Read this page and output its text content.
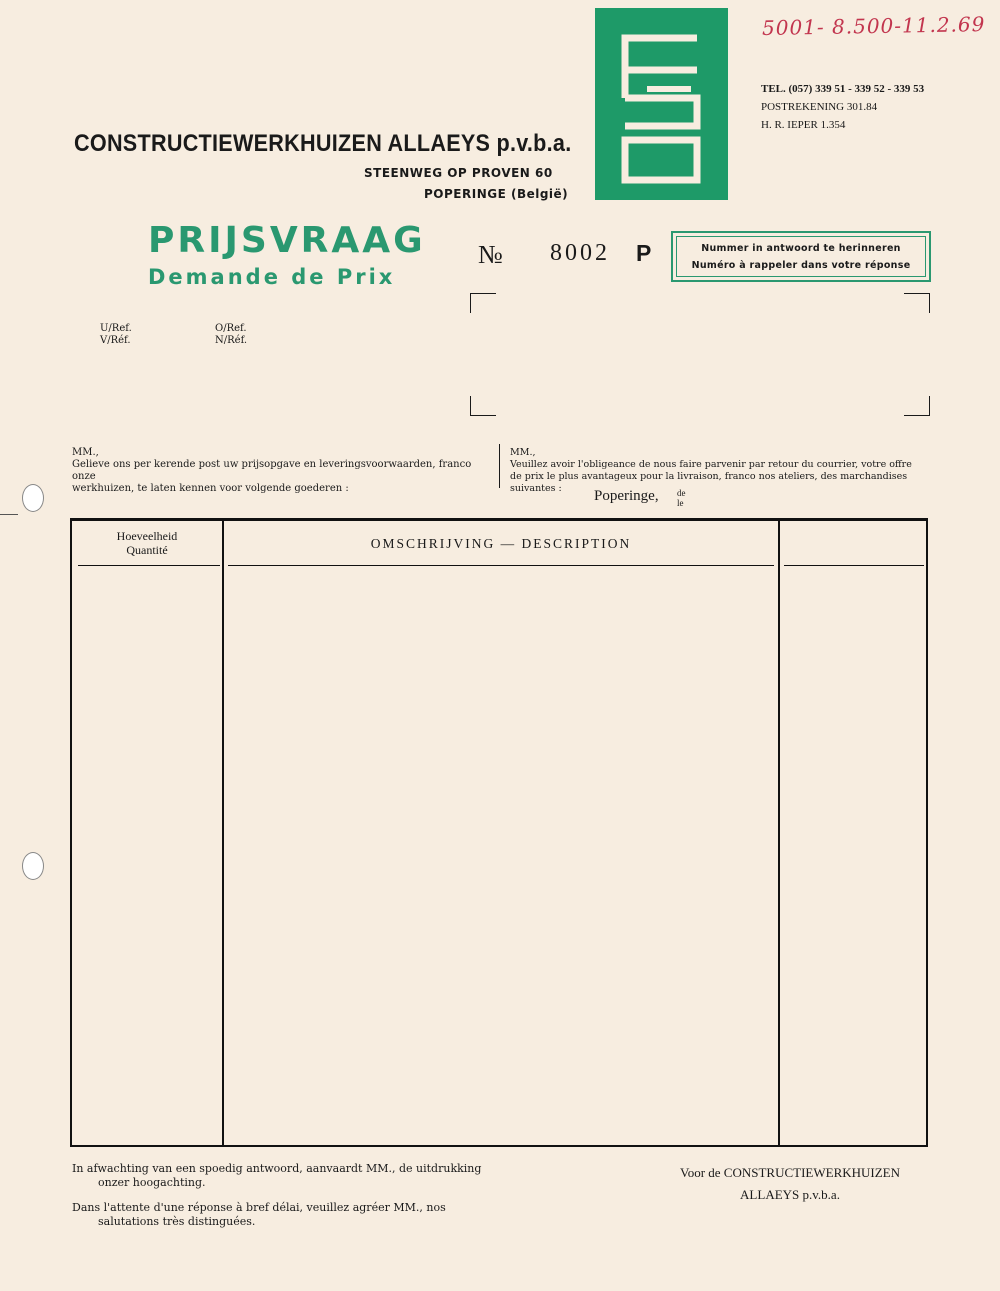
5001- 8.500-11.2.69
CONSTRUCTIEWERKHUIZEN ALLAEYS p.v.b.a.
STEENWEG OP PROVEN 60
POPERINGE (België)
TEL. (057) 339 51 - 339 52 - 339 53
POSTREKENING 301.84
H. R. IEPER 1.354
PRIJSVRAAG
Demande de Prix
№ 8002 P	Nummer in antwoord te herinneren
Numéro à rappeler dans votre réponse
U/Ref.
V/Réf.
O/Ref.
N/Réf.
MM.,
Gelieve ons per kerende post uw prijsopgave en leveringsvoorwaarden, franco onze
werkhuizen, te laten kennen voor volgende goederen :
MM.,
Veuillez avoir l'obligeance de nous faire parvenir par retour du courrier, votre offre
de prix le plus avantageux pour la livraison, franco nos ateliers, des marchandises
suivantes :	Poperinge, de
le
Hoeveelheid
Quantité	OMSCHRIJVING — DESCRIPTION
In afwachting van een spoedig antwoord, aanvaardt MM., de uitdrukking
onzer hoogachting.
Dans l'attente d'une réponse à bref délai, veuillez agréer MM., nos
salutations très distinguées.
Voor de CONSTRUCTIEWERKHUIZEN
ALLAEYS p.v.b.a.
